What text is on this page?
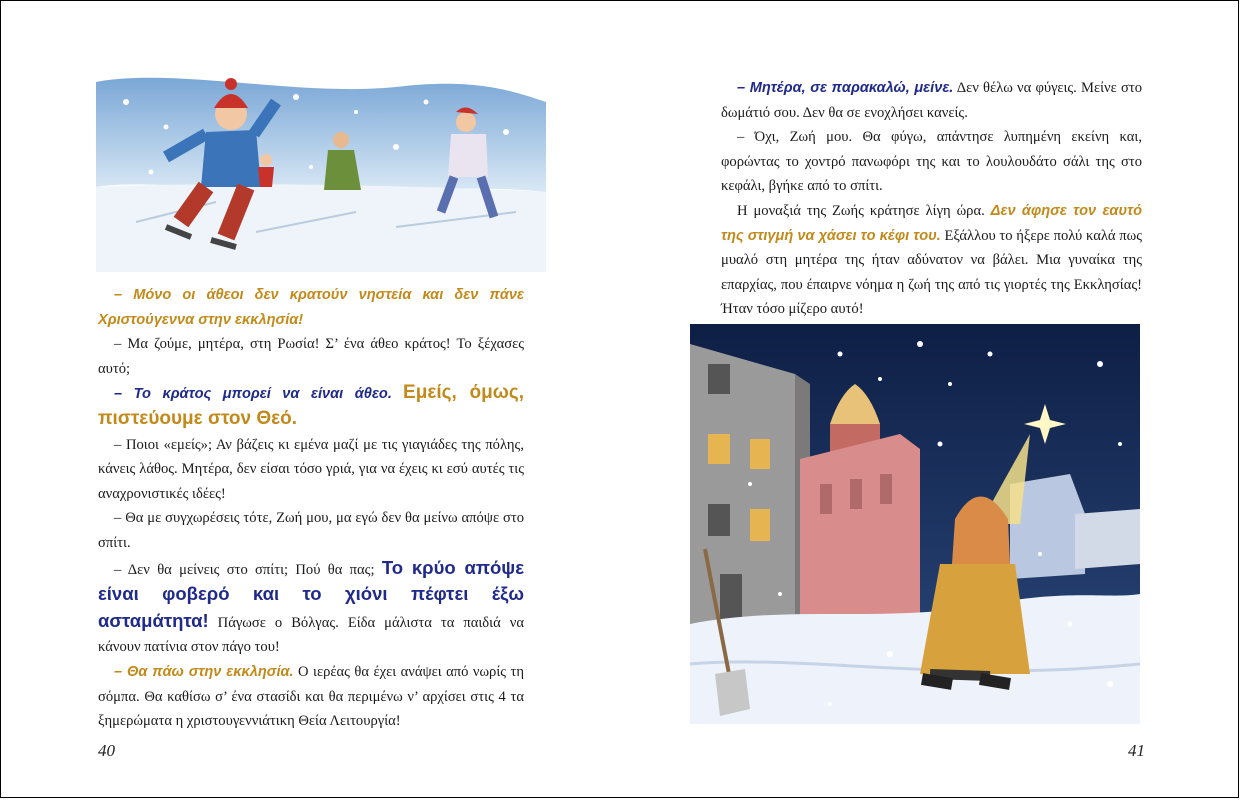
– Μόνο οι άθεοι δεν κρατούν νηστεία και δεν πάνε Χριστούγεννα στην εκκλησία!

– Μα ζούμε, μητέρα, στη Ρωσία! Σ’ ένα άθεο κράτος! Το ξέχασες αυτό;

– Το κράτος μπορεί να είναι άθεο. Εμείς, όμως, πιστεύουμε στον Θεό.

– Ποιοι «εμείς»; Αν βάζεις κι εμένα μαζί με τις γιαγιάδες της πόλης, κάνεις λάθος. Μητέρα, δεν είσαι τόσο γριά, για να έχεις κι εσύ αυτές τις αναχρονιστικές ιδέες!

– Θα με συγχωρέσεις τότε, Ζωή μου, μα εγώ δεν θα μείνω απόψε στο σπίτι.

– Δεν θα μείνεις στο σπίτι; Πού θα πας; Το κρύο απόψε είναι φοβερό και το χιόνι πέφτει έξω ασταμάτητα! Πάγωσε ο Βόλγας. Είδα μάλιστα τα παιδιά να κάνουν πατίνια στον πάγο του!

– Θα πάω στην εκκλησία. Ο ιερέας θα έχει ανάψει από νωρίς τη σόμπα. Θα καθίσω σ’ ένα στασίδι και θα περιμένω ν’ αρχίσει στις 4 τα ξημερώματα η χριστουγεννιάτικη Θεία Λειτουργία!

40

– Μητέρα, σε παρακαλώ, μείνε. Δεν θέλω να φύγεις. Μείνε στο δωμάτιό σου. Δεν θα σε ενοχλήσει κανείς.

– Όχι, Ζωή μου. Θα φύγω, απάντησε λυπημένη εκείνη και, φορώντας το χοντρό πανωφόρι της και το λουλουδάτο σάλι της στο κεφάλι, βγήκε από το σπίτι.

Η μοναξιά της Ζωής κράτησε λίγη ώρα. Δεν άφησε τον εαυτό της στιγμή να χάσει το κέφι του. Εξάλλου το ήξερε πολύ καλά πως μυαλό στη μητέρα της ήταν αδύνατον να βάλει. Μια γυναίκα της επαρχίας, που έπαιρνε νόημα η ζωή της από τις γιορτές της Εκκλησίας! Ήταν τόσο μίζερο αυτό!

41
